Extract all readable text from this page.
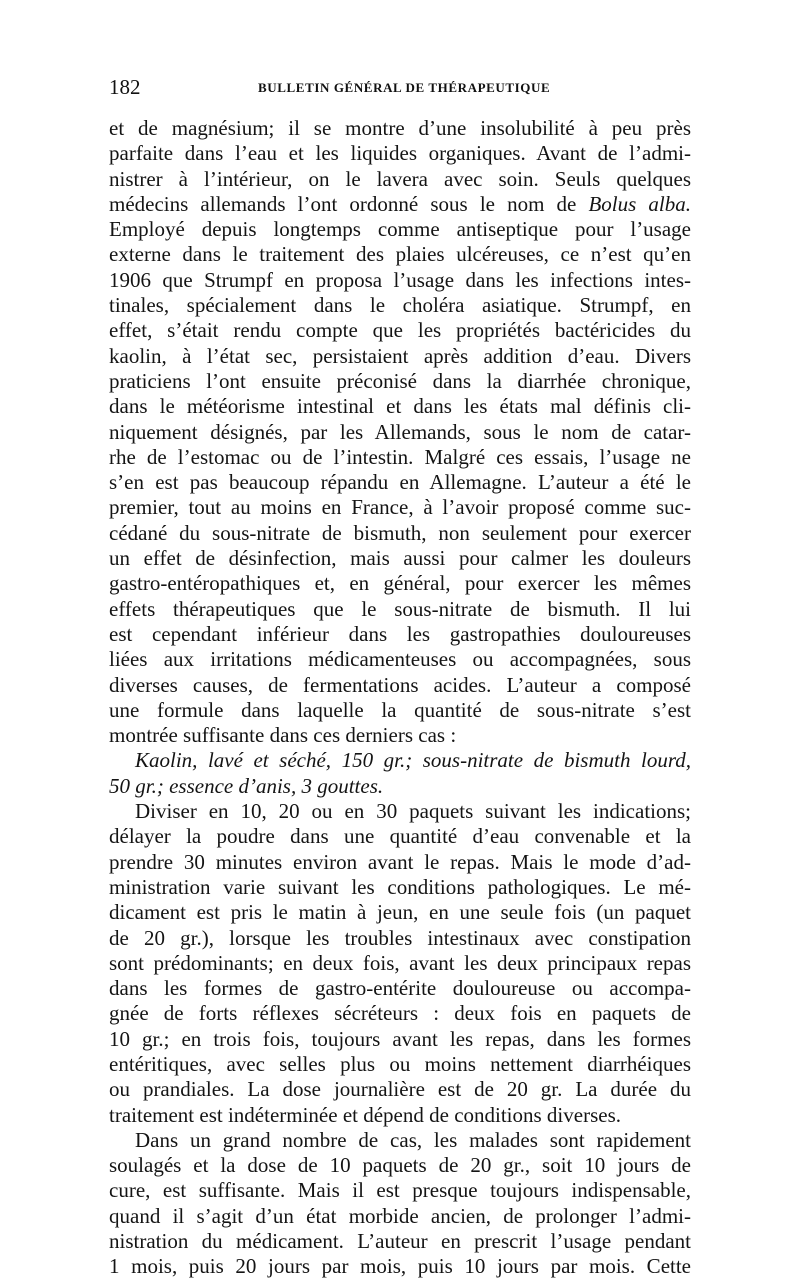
182	BULLETIN GÉNÉRAL DE THÉRAPEUTIQUE
et de magnésium; il se montre d’une insolubilité à peu près
parfaite dans l’eau et les liquides organiques. Avant de l’admi-
nistrer à l’intérieur, on le lavera avec soin. Seuls quelques
médecins allemands l’ont ordonné sous le nom de Bolus alba.
Employé depuis longtemps comme antiseptique pour l’usage
externe dans le traitement des plaies ulcéreuses, ce n’est qu’en
1906 que Strumpf en proposa l’usage dans les infections intes-
tinales, spécialement dans le choléra asiatique. Strumpf, en
effet, s’était rendu compte que les propriétés bactéricides du
kaolin, à l’état sec, persistaient après addition d’eau. Divers
praticiens l’ont ensuite préconisé dans la diarrhée chronique,
dans le météorisme intestinal et dans les états mal définis cli-
niquement désignés, par les Allemands, sous le nom de catar-
rhe de l’estomac ou de l’intestin. Malgré ces essais, l’usage ne
s’en est pas beaucoup répandu en Allemagne. L’auteur a été le
premier, tout au moins en France, à l’avoir proposé comme suc-
cédané du sous-nitrate de bismuth, non seulement pour exercer
un effet de désinfection, mais aussi pour calmer les douleurs
gastro-entéropathiques et, en général, pour exercer les mêmes
effets thérapeutiques que le sous-nitrate de bismuth. Il lui
est cependant inférieur dans les gastropathies douloureuses
liées aux irritations médicamenteuses ou accompagnées, sous
diverses causes, de fermentations acides. L’auteur a composé
une formule dans laquelle la quantité de sous-nitrate s’est
montrée suffisante dans ces derniers cas :
Kaolin, lavé et séché, 150 gr.; sous-nitrate de bismuth lourd,
50 gr.; essence d’anis, 3 gouttes.
Diviser en 10, 20 ou en 30 paquets suivant les indications;
délayer la poudre dans une quantité d’eau convenable et la
prendre 30 minutes environ avant le repas. Mais le mode d’ad-
ministration varie suivant les conditions pathologiques. Le mé-
dicament est pris le matin à jeun, en une seule fois (un paquet
de 20 gr.), lorsque les troubles intestinaux avec constipation
sont prédominants; en deux fois, avant les deux principaux repas
dans les formes de gastro-entérite douloureuse ou accompa-
gnée de forts réflexes sécréteurs : deux fois en paquets de
10 gr.; en trois fois, toujours avant les repas, dans les formes
entéritiques, avec selles plus ou moins nettement diarrhéiques
ou prandiales. La dose journalière est de 20 gr. La durée du
traitement est indéterminée et dépend de conditions diverses.
Dans un grand nombre de cas, les malades sont rapidement
soulagés et la dose de 10 paquets de 20 gr., soit 10 jours de
cure, est suffisante. Mais il est presque toujours indispensable,
quand il s’agit d’un état morbide ancien, de prolonger l’admi-
nistration du médicament. L’auteur en prescrit l’usage pendant
1 mois, puis 20 jours par mois, puis 10 jours par mois. Cette
